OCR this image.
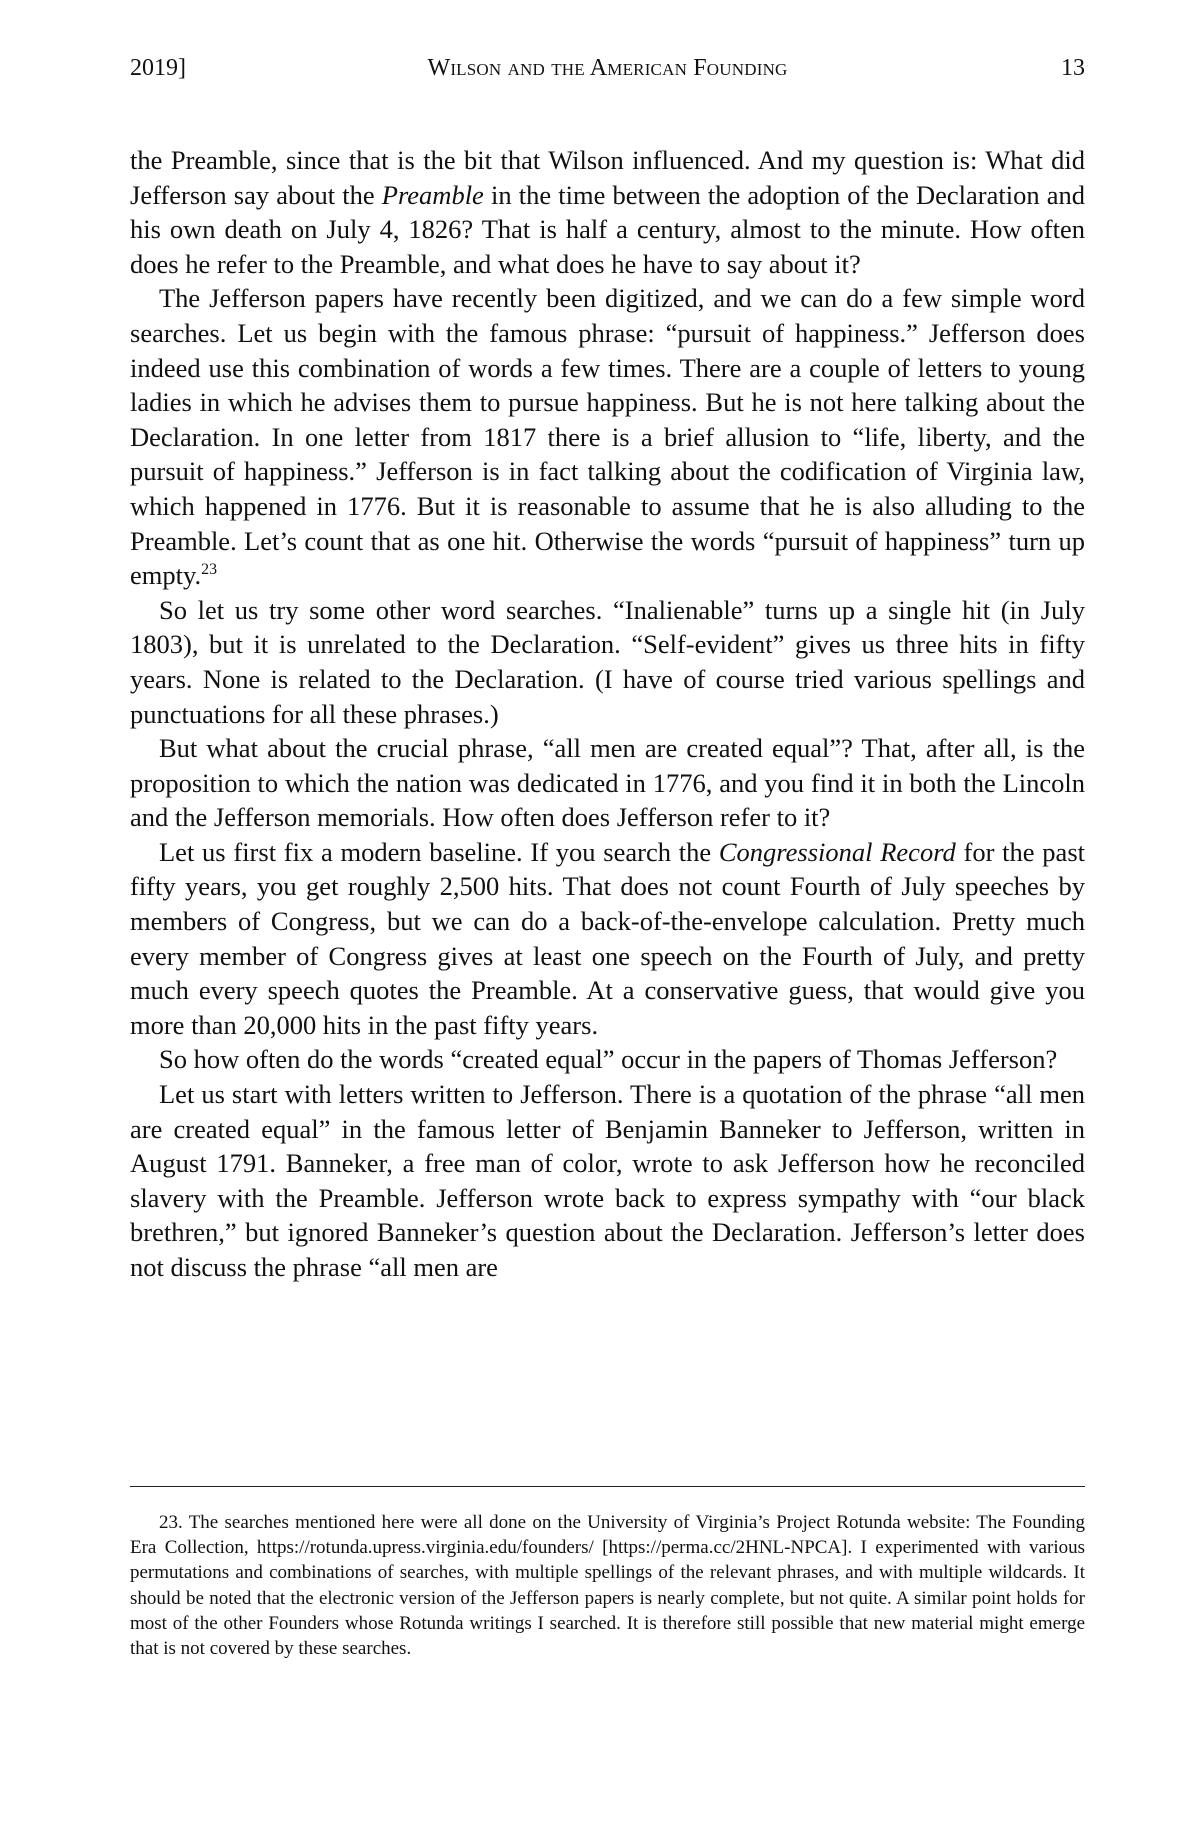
2019]	Wilson and the American Founding	13

the Preamble, since that is the bit that Wilson influenced. And my question is: What did Jefferson say about the Preamble in the time between the adoption of the Declaration and his own death on July 4, 1826? That is half a century, almost to the minute. How often does he refer to the Preamble, and what does he have to say about it?

The Jefferson papers have recently been digitized, and we can do a few simple word searches. Let us begin with the famous phrase: “pursuit of happiness.” Jefferson does indeed use this combination of words a few times. There are a couple of letters to young ladies in which he advises them to pursue happiness. But he is not here talking about the Declaration. In one letter from 1817 there is a brief allusion to “life, liberty, and the pursuit of happiness.” Jefferson is in fact talking about the codification of Virginia law, which happened in 1776. But it is reasonable to assume that he is also alluding to the Preamble. Let’s count that as one hit. Otherwise the words “pursuit of happiness” turn up empty.$^{23}$

So let us try some other word searches. “Inalienable” turns up a single hit (in July 1803), but it is unrelated to the Declaration. “Self-evident” gives us three hits in fifty years. None is related to the Declaration. (I have of course tried various spellings and punctuations for all these phrases.)

But what about the crucial phrase, “all men are created equal”? That, after all, is the proposition to which the nation was dedicated in 1776, and you find it in both the Lincoln and the Jefferson memorials. How often does Jefferson refer to it?

Let us first fix a modern baseline. If you search the Congressional Record for the past fifty years, you get roughly 2,500 hits. That does not count Fourth of July speeches by members of Congress, but we can do a back-of-the-envelope calculation. Pretty much every member of Congress gives at least one speech on the Fourth of July, and pretty much every speech quotes the Preamble. At a conservative guess, that would give you more than 20,000 hits in the past fifty years.

So how often do the words “created equal” occur in the papers of Thomas Jefferson?

Let us start with letters written to Jefferson. There is a quotation of the phrase “all men are created equal” in the famous letter of Benjamin Banneker to Jefferson, written in August 1791. Banneker, a free man of color, wrote to ask Jefferson how he reconciled slavery with the Preamble. Jefferson wrote back to express sympathy with “our black brethren,” but ignored Banneker’s question about the Declaration. Jefferson’s letter does not discuss the phrase “all men are

23. The searches mentioned here were all done on the University of Virginia’s Project Rotunda website: The Founding Era Collection, https://rotunda.upress.virginia.edu/founders/ [https://perma.cc/2HNL-NPCA]. I experimented with various permutations and combinations of searches, with multiple spellings of the relevant phrases, and with multiple wildcards. It should be noted that the electronic version of the Jefferson papers is nearly complete, but not quite. A similar point holds for most of the other Founders whose Rotunda writings I searched. It is therefore still possible that new material might emerge that is not covered by these searches.
